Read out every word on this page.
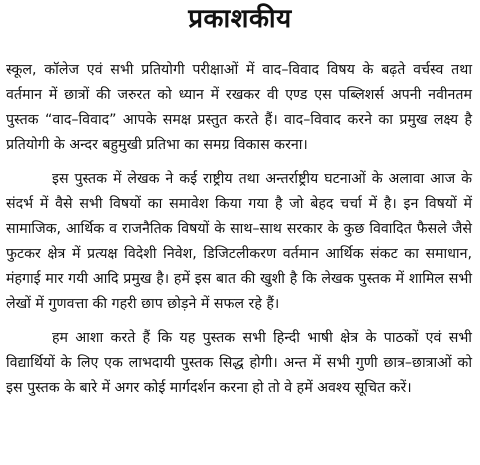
प्रकाशकीय

स्कूल, कॉलेज एवं सभी प्रतियोगी परीक्षाओं में वाद–विवाद विषय के बढ़ते वर्चस्व तथा वर्तमान में छात्रों की जरुरत को ध्यान में रखकर वी एण्ड एस पब्लिशर्स अपनी नवीनतम पुस्तक “वाद–विवाद” आपके समक्ष प्रस्तुत करते हैं। वाद–विवाद करने का प्रमुख लक्ष्य है प्रतियोगी के अन्दर बहुमुखी प्रतिभा का समग्र विकास करना।

इस पुस्तक में लेखक ने कई राष्ट्रीय तथा अन्तर्राष्ट्रीय घटनाओं के अलावा आज के संदर्भ में वैसे सभी विषयों का समावेश किया गया है जो बेहद चर्चा में है। इन विषयों में सामाजिक, आर्थिक व राजनैतिक विषयों के साथ–साथ सरकार के कुछ विवादित फैसले जैसे फुटकर क्षेत्र में प्रत्यक्ष विदेशी निवेश, डिजिटलीकरण वर्तमान आर्थिक संकट का समाधान, मंहगाई मार गयी आदि प्रमुख है। हमें इस बात की खुशी है कि लेखक पुस्तक में शामिल सभी लेखों में गुणवत्ता की गहरी छाप छोड़ने में सफल रहे हैं।

हम आशा करते हैं कि यह पुस्तक सभी हिन्दी भाषी क्षेत्र के पाठकों एवं सभी विद्यार्थियों के लिए एक लाभदायी पुस्तक सिद्ध होगी। अन्त में सभी गुणी छात्र–छात्राओं को इस पुस्तक के बारे में अगर कोई मार्गदर्शन करना हो तो वे हमें अवश्य सूचित करें।
